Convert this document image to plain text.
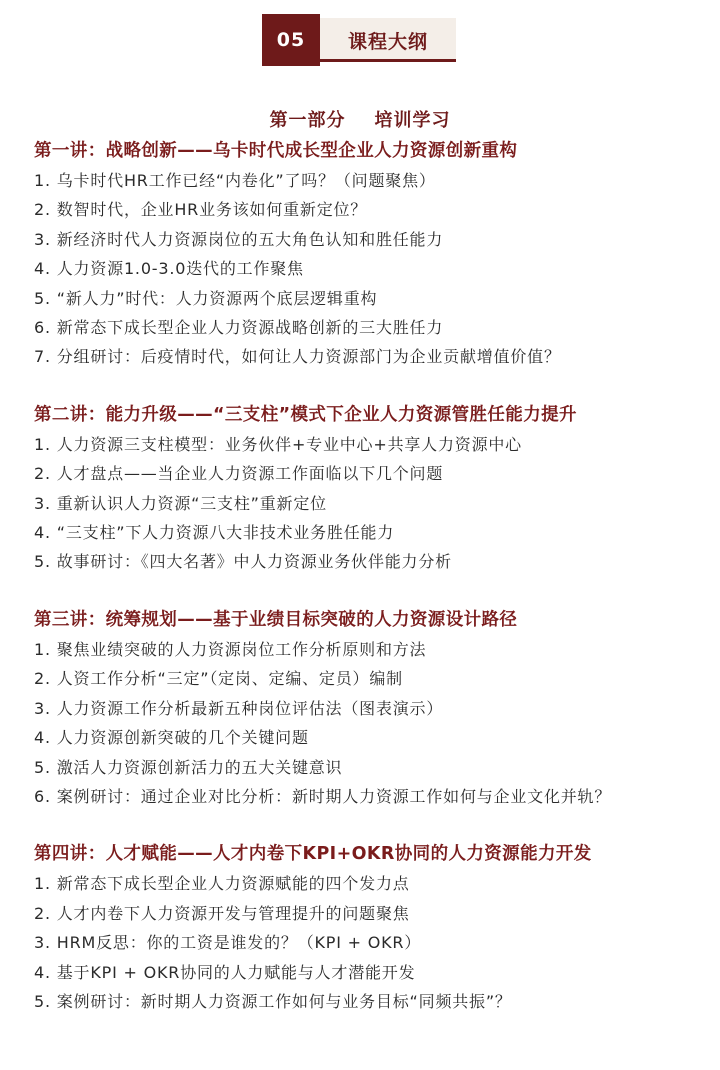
05	课程大纲
第一部分    培训学习
第一讲：战略创新——乌卡时代成长型企业人力资源创新重构
1. 乌卡时代HR工作已经“内卷化”了吗？（问题聚焦）
2. 数智时代，企业HR业务该如何重新定位？
3. 新经济时代人力资源岗位的五大角色认知和胜任能力
4. 人力资源1.0-3.0迭代的工作聚焦
5. “新人力”时代：人力资源两个底层逻辑重构
6. 新常态下成长型企业人力资源战略创新的三大胜任力
7. 分组研讨：后疫情时代，如何让人力资源部门为企业贡献增值价值？
第二讲：能力升级——“三支柱”模式下企业人力资源管胜任能力提升
1. 人力资源三支柱模型：业务伙伴+专业中心+共享人力资源中心
2. 人才盘点——当企业人力资源工作面临以下几个问题
3. 重新认识人力资源“三支柱”重新定位
4. “三支柱”下人力资源八大非技术业务胜任能力
5. 故事研讨：《四大名著》中人力资源业务伙伴能力分析
第三讲：统筹规划——基于业绩目标突破的人力资源设计路径
1. 聚焦业绩突破的人力资源岗位工作分析原则和方法
2. 人资工作分析“三定”（定岗、定编、定员）编制
3. 人力资源工作分析最新五种岗位评估法（图表演示）
4. 人力资源创新突破的几个关键问题
5. 激活人力资源创新活力的五大关键意识
6. 案例研讨：通过企业对比分析：新时期人力资源工作如何与企业文化并轨？
第四讲：人才赋能——人才内卷下KPI+OKR协同的人力资源能力开发
1. 新常态下成长型企业人力资源赋能的四个发力点
2. 人才内卷下人力资源开发与管理提升的问题聚焦
3. HRM反思：你的工资是谁发的？（KPI + OKR）
4. 基于KPI + OKR协同的人力赋能与人才潜能开发
5. 案例研讨：新时期人力资源工作如何与业务目标“同频共振”？
